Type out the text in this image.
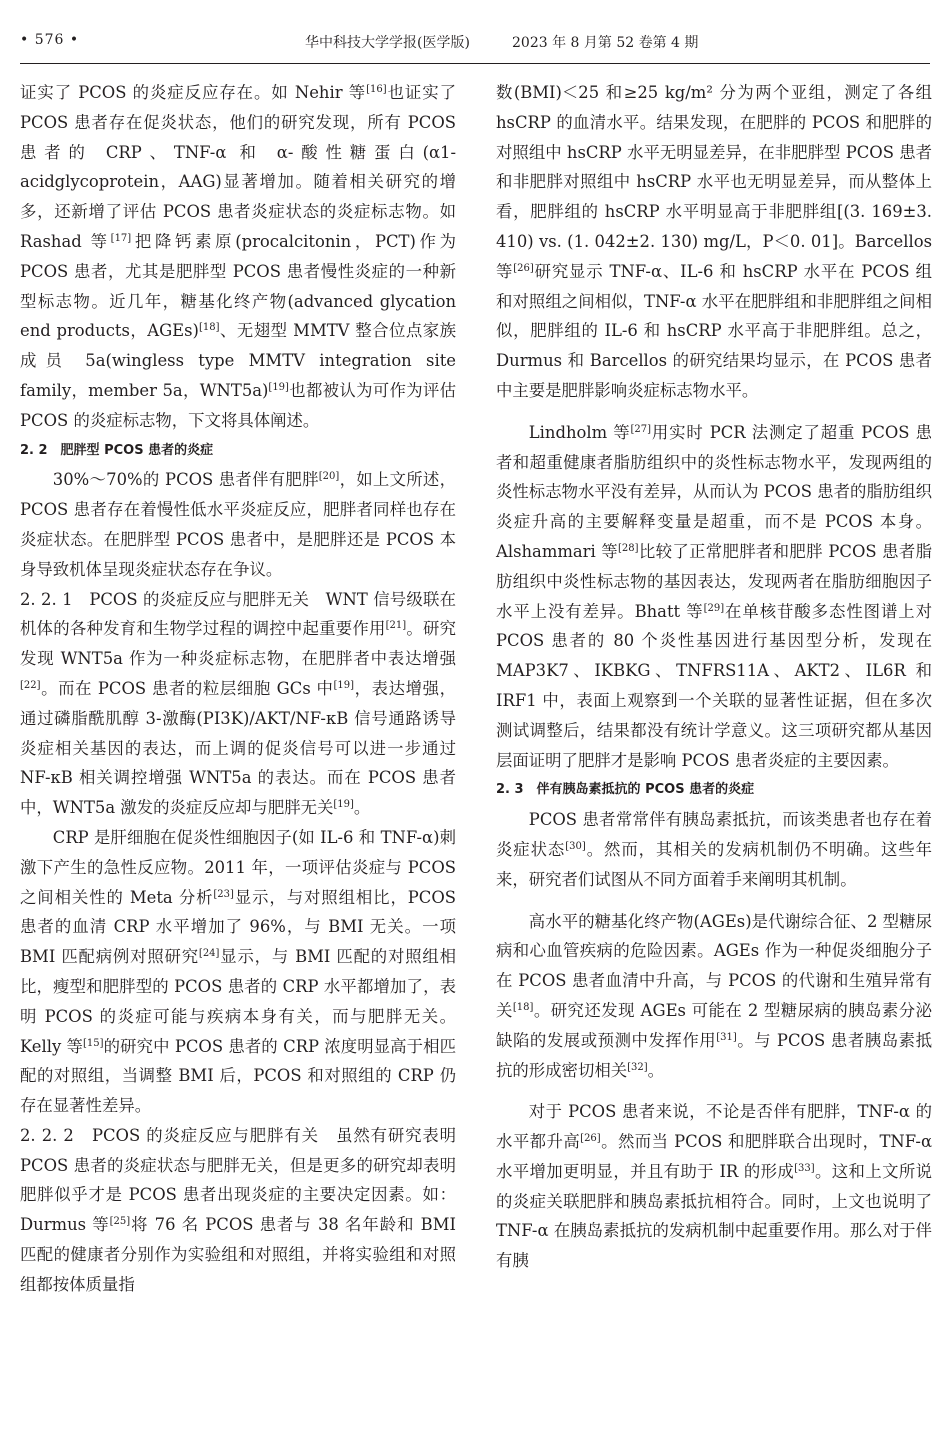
• 576 •	华中科技大学学报(医学版)	2023 年 8 月第 52 卷第 4 期

证实了 PCOS 的炎症反应存在。如 Nehir 等[16]也证实了 PCOS 患者存在促炎状态，他们的研究发现，所有 PCOS 患者的 CRP、TNF-α 和 α-酸性糖蛋白(α1-acidglycoprotein，AAG)显著增加。随着相关研究的增多，还新增了评估 PCOS 患者炎症状态的炎症标志物。如 Rashad 等[17]把降钙素原(procalcitonin，PCT)作为 PCOS 患者，尤其是肥胖型 PCOS 患者慢性炎症的一种新型标志物。近几年，糖基化终产物(advanced glycation end products，AGEs)[18]、无翅型 MMTV 整合位点家族成员 5a(wingless type MMTV integration site family，member 5a，WNT5a)[19]也都被认为可作为评估 PCOS 的炎症标志物，下文将具体阐述。

2. 2　肥胖型 PCOS 患者的炎症

30%～70%的 PCOS 患者伴有肥胖[20]，如上文所述，PCOS 患者存在着慢性低水平炎症反应，肥胖者同样也存在炎症状态。在肥胖型 PCOS 患者中，是肥胖还是 PCOS 本身导致机体呈现炎症状态存在争议。

2. 2. 1　PCOS 的炎症反应与肥胖无关　WNT 信号级联在机体的各种发育和生物学过程的调控中起重要作用[21]。研究发现 WNT5a 作为一种炎症标志物，在肥胖者中表达增强[22]。而在 PCOS 患者的粒层细胞 GCs 中[19]，表达增强，通过磷脂酰肌醇 3-激酶(PI3K)/AKT/NF-κB 信号通路诱导炎症相关基因的表达，而上调的促炎信号可以进一步通过 NF-κB 相关调控增强 WNT5a 的表达。而在 PCOS 患者中，WNT5a 激发的炎症反应却与肥胖无关[19]。

CRP 是肝细胞在促炎性细胞因子(如 IL-6 和 TNF-α)刺激下产生的急性反应物。2011 年，一项评估炎症与 PCOS 之间相关性的 Meta 分析[23]显示，与对照组相比，PCOS 患者的血清 CRP 水平增加了 96%，与 BMI 无关。一项 BMI 匹配病例对照研究[24]显示，与 BMI 匹配的对照组相比，瘦型和肥胖型的 PCOS 患者的 CRP 水平都增加了，表明 PCOS 的炎症可能与疾病本身有关，而与肥胖无关。Kelly 等[15]的研究中 PCOS 患者的 CRP 浓度明显高于相匹配的对照组，当调整 BMI 后，PCOS 和对照组的 CRP 仍存在显著性差异。

2. 2. 2　PCOS 的炎症反应与肥胖有关　虽然有研究表明 PCOS 患者的炎症状态与肥胖无关，但是更多的研究却表明肥胖似乎才是 PCOS 患者出现炎症的主要决定因素。如：Durmus 等[25]将 76 名 PCOS 患者与 38 名年龄和 BMI 匹配的健康者分别作为实验组和对照组，并将实验组和对照组都按体质量指

数(BMI)＜25 和≥25 kg/m² 分为两个亚组，测定了各组 hsCRP 的血清水平。结果发现，在肥胖的 PCOS 和肥胖的对照组中 hsCRP 水平无明显差异，在非肥胖型 PCOS 患者和非肥胖对照组中 hsCRP 水平也无明显差异，而从整体上看，肥胖组的 hsCRP 水平明显高于非肥胖组[(3. 169±3. 410) vs. (1. 042±2. 130) mg/L，P＜0. 01]。Barcellos 等[26]研究显示 TNF-α、IL-6 和 hsCRP 水平在 PCOS 组和对照组之间相似，TNF-α 水平在肥胖组和非肥胖组之间相似，肥胖组的 IL-6 和 hsCRP 水平高于非肥胖组。总之，Durmus 和 Barcellos 的研究结果均显示，在 PCOS 患者中主要是肥胖影响炎症标志物水平。

Lindholm 等[27]用实时 PCR 法测定了超重 PCOS 患者和超重健康者脂肪组织中的炎性标志物水平，发现两组的炎性标志物水平没有差异，从而认为 PCOS 患者的脂肪组织炎症升高的主要解释变量是超重，而不是 PCOS 本身。Alshammari 等[28]比较了正常肥胖者和肥胖 PCOS 患者脂肪组织中炎性标志物的基因表达，发现两者在脂肪细胞因子水平上没有差异。Bhatt 等[29]在单核苷酸多态性图谱上对 PCOS 患者的 80 个炎性基因进行基因型分析，发现在 MAP3K7、IKBKG、TNFRS11A、AKT2、IL6R 和 IRF1 中，表面上观察到一个关联的显著性证据，但在多次测试调整后，结果都没有统计学意义。这三项研究都从基因层面证明了肥胖才是影响 PCOS 患者炎症的主要因素。

2. 3　伴有胰岛素抵抗的 PCOS 患者的炎症

PCOS 患者常常伴有胰岛素抵抗，而该类患者也存在着炎症状态[30]。然而，其相关的发病机制仍不明确。这些年来，研究者们试图从不同方面着手来阐明其机制。

高水平的糖基化终产物(AGEs)是代谢综合征、2 型糖尿病和心血管疾病的危险因素。AGEs 作为一种促炎细胞分子在 PCOS 患者血清中升高，与 PCOS 的代谢和生殖异常有关[18]。研究还发现 AGEs 可能在 2 型糖尿病的胰岛素分泌缺陷的发展或预测中发挥作用[31]。与 PCOS 患者胰岛素抵抗的形成密切相关[32]。

对于 PCOS 患者来说，不论是否伴有肥胖，TNF-α 的水平都升高[26]。然而当 PCOS 和肥胖联合出现时，TNF-α 水平增加更明显，并且有助于 IR 的形成[33]。这和上文所说的炎症关联肥胖和胰岛素抵抗相符合。同时，上文也说明了 TNF-α 在胰岛素抵抗的发病机制中起重要作用。那么对于伴有胰
